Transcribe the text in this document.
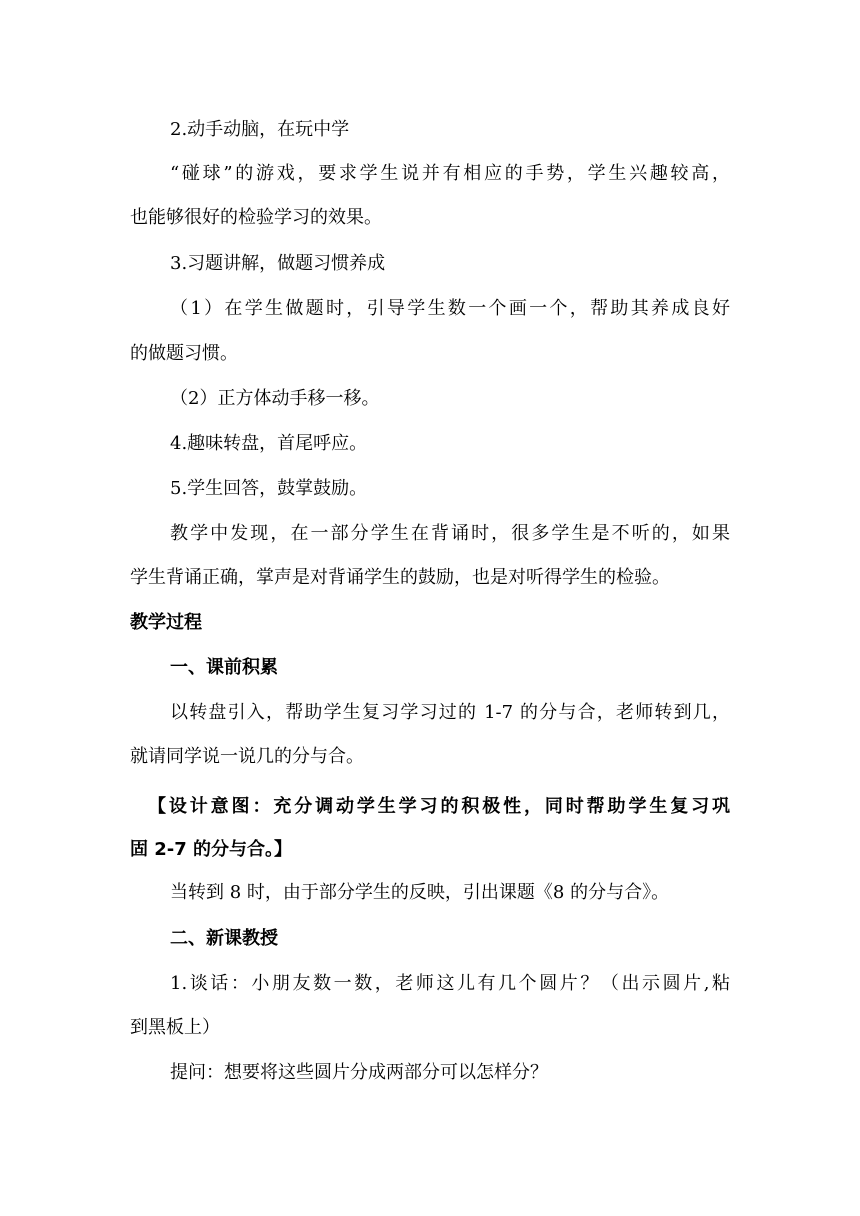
2.动手动脑，在玩中学
“碰球”的游戏，要求学生说并有相应的手势，学生兴趣较高，
也能够很好的检验学习的效果。
3.习题讲解，做题习惯养成
（1）在学生做题时，引导学生数一个画一个，帮助其养成良好
的做题习惯。
（2）正方体动手移一移。
4.趣味转盘，首尾呼应。
5.学生回答，鼓掌鼓励。
教学中发现，在一部分学生在背诵时，很多学生是不听的，如果
学生背诵正确，掌声是对背诵学生的鼓励，也是对听得学生的检验。
教学过程
一、课前积累
以转盘引入，帮助学生复习学习过的 1-7 的分与合，老师转到几，
就请同学说一说几的分与合。
【设计意图：充分调动学生学习的积极性，同时帮助学生复习巩
固 2-7 的分与合。】
当转到 8 时，由于部分学生的反映，引出课题《8 的分与合》。
二、新课教授
1.谈话：小朋友数一数，老师这儿有几个圆片？（出示圆片,粘
到黑板上）
提问：想要将这些圆片分成两部分可以怎样分？
